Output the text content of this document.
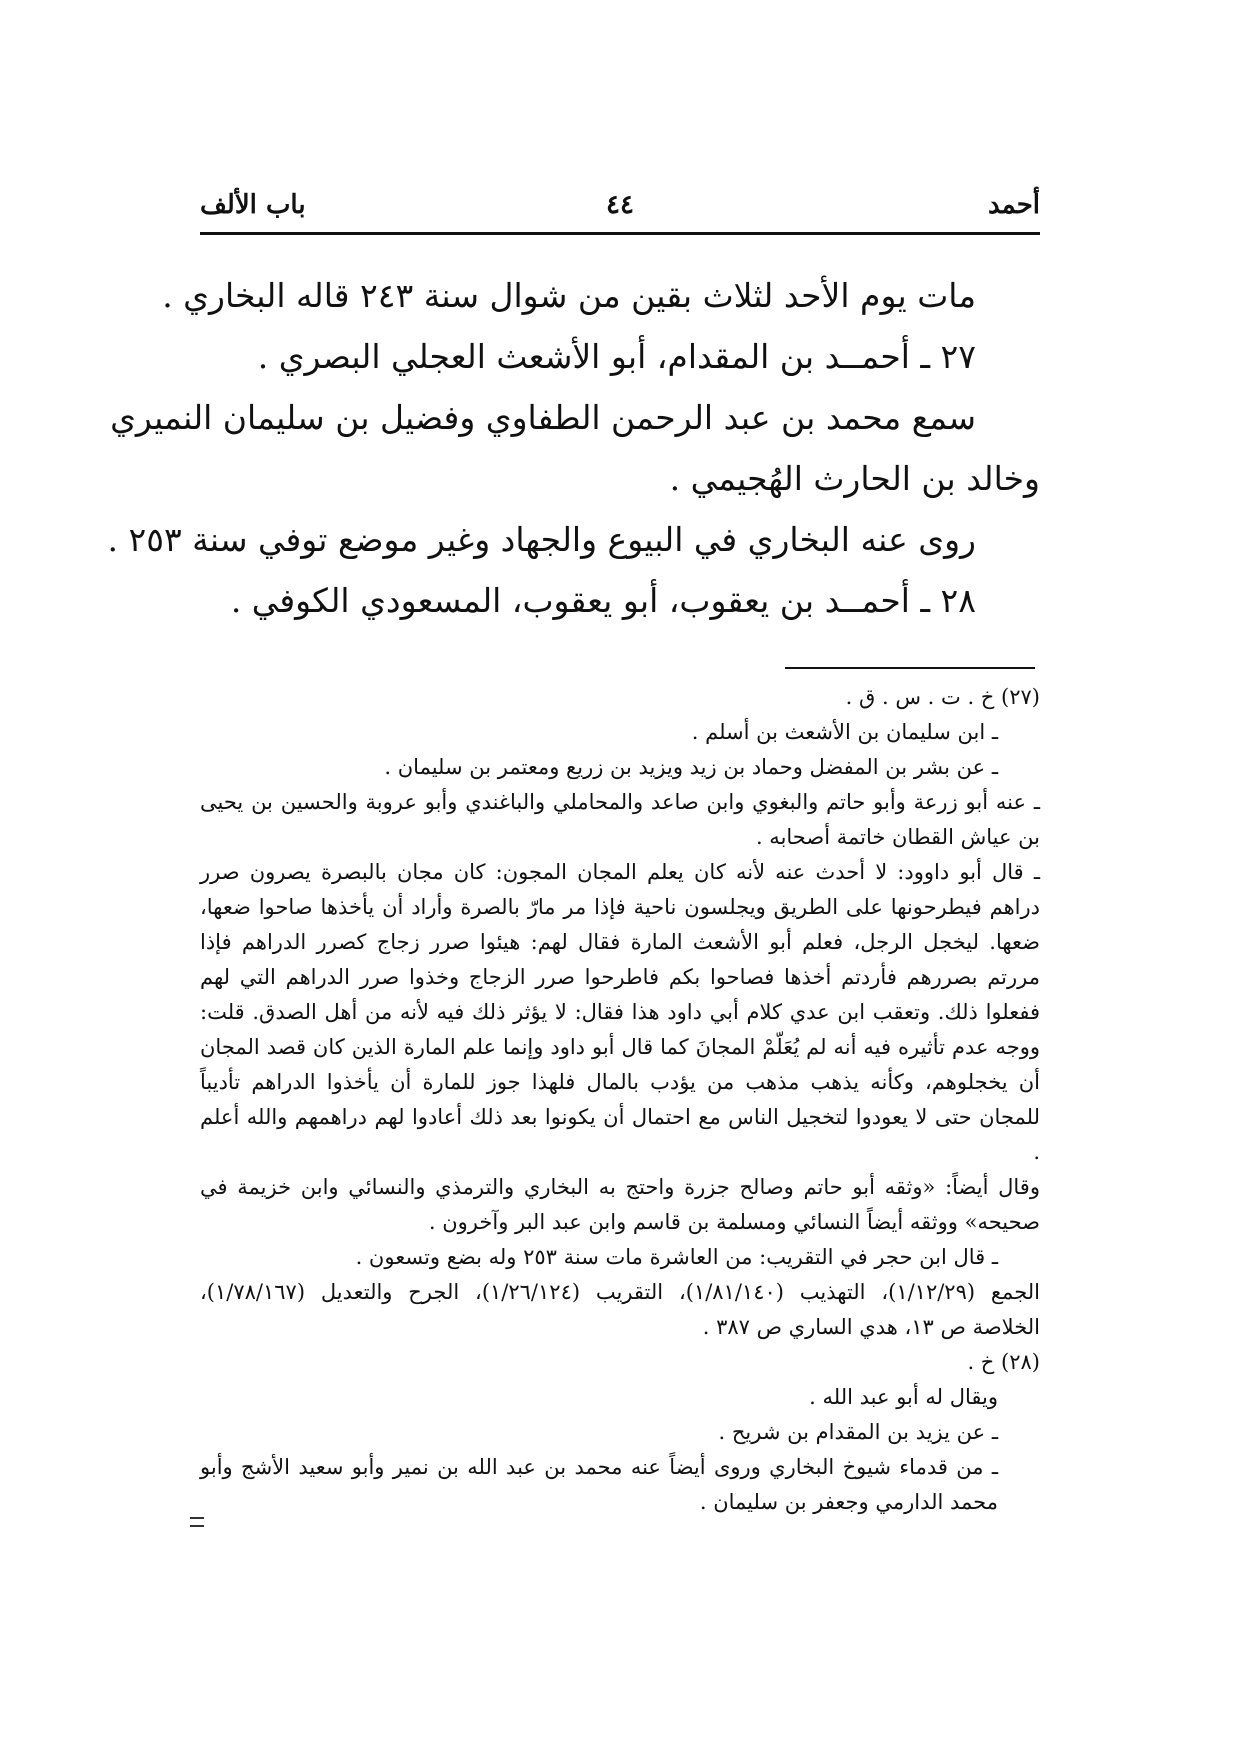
أحمد
٤٤
باب الألف

مات يوم الأحد لثلاث بقين من شوال سنة ٢٤٣ قاله البخاري .

٢٧ ـ أحمــد بن المقدام، أبو الأشعث العجلي البصري .

سمع محمد بن عبد الرحمن الطفاوي وفضيل بن سليمان النميري

وخالد بن الحارث الهُجيمي .

روى عنه البخاري في البيوع والجهاد وغير موضع توفي سنة ٢٥٣ .

٢٨ ـ أحمــد بن يعقوب، أبو يعقوب، المسعودي الكوفي .

(٢٧) خ . ت . س . ق .

ـ ابن سليمان بن الأشعث بن أسلم .

ـ عن بشر بن المفضل وحماد بن زيد ويزيد بن زريع ومعتمر بن سليمان .

ـ عنه أبو زرعة وأبو حاتم والبغوي وابن صاعد والمحاملي والباغندي وأبو عروبة والحسين بن يحيى بن عياش القطان خاتمة أصحابه .

ـ قال أبو داوود: لا أحدث عنه لأنه كان يعلم المجان المجون: كان مجان بالبصرة يصرون صرر دراهم فيطرحونها على الطريق ويجلسون ناحية فإذا مر مارّ بالصرة وأراد أن يأخذها صاحوا ضعها، ضعها. ليخجل الرجل، فعلم أبو الأشعث المارة فقال لهم: هيئوا صرر زجاج كصرر الدراهم فإذا مررتم بصررهم فأردتم أخذها فصاحوا بكم فاطرحوا صرر الزجاج وخذوا صرر الدراهم التي لهم ففعلوا ذلك. وتعقب ابن عدي كلام أبي داود هذا فقال: لا يؤثر ذلك فيه لأنه من أهل الصدق. قلت: ووجه عدم تأثيره فيه أنه لم يُعَلّمْ المجانَ كما قال أبو داود وإنما علم المارة الذين كان قصد المجان أن يخجلوهم، وكأنه يذهب مذهب من يؤدب بالمال فلهذا جوز للمارة أن يأخذوا الدراهم تأديباً للمجان حتى لا يعودوا لتخجيل الناس مع احتمال أن يكونوا بعد ذلك أعادوا لهم دراهمهم والله أعلم .

وقال أيضاً: «وثقه أبو حاتم وصالح جزرة واحتج به البخاري والترمذي والنسائي وابن خزيمة في صحيحه» ووثقه أيضاً النسائي ومسلمة بن قاسم وابن عبد البر وآخرون .

ـ قال ابن حجر في التقريب: من العاشرة مات سنة ٢٥٣ وله بضع وتسعون .

الجمع (١/١٢/٢٩)، التهذيب (١/٨١/١٤٠)، التقريب (١/٢٦/١٢٤)، الجرح والتعديل (١/٧٨/١٦٧)، الخلاصة ص ١٣، هدي الساري ص ٣٨٧ .

(٢٨) خ .

ويقال له أبو عبد الله .

ـ عن يزيد بن المقدام بن شريح .

ـ من قدماء شيوخ البخاري وروى أيضاً عنه محمد بن عبد الله بن نمير وأبو سعيد الأشج وأبو محمد الدارمي وجعفر بن سليمان .
